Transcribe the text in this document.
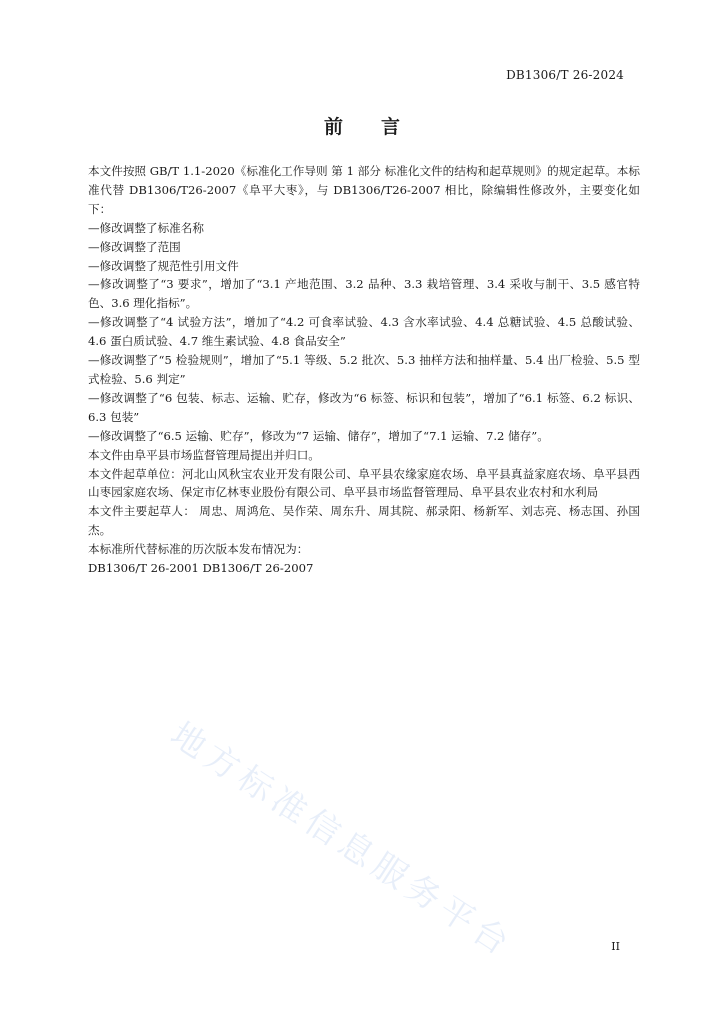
DB1306/T 26-2024
前言

本文件按照 GB/T 1.1-2020《标准化工作导则 第 1 部分 标准化文件的结构和起草规则》的规定起草。本标准代替 DB1306/T26-2007《阜平大枣》，与 DB1306/T26-2007 相比，除编辑性修改外，主要变化如下：

—修改调整了标准名称

—修改调整了范围

—修改调整了规范性引用文件

—修改调整了“3 要求”，增加了“3.1 产地范围、3.2 品种、3.3 栽培管理、3.4 采收与制干、3.5 感官特色、3.6 理化指标”。

—修改调整了“4 试验方法”，增加了“4.2 可食率试验、4.3 含水率试验、4.4 总糖试验、4.5 总酸试验、4.6 蛋白质试验、4.7 维生素试验、4.8 食品安全”

—修改调整了“5 检验规则”，增加了“5.1 等级、5.2 批次、5.3 抽样方法和抽样量、5.4 出厂检验、5.5 型式检验、5.6 判定”

—修改调整了“6 包装、标志、运输、贮存，修改为“6 标签、标识和包装”，增加了“6.1 标签、6.2 标识、6.3 包装”

—修改调整了“6.5 运输、贮存”，修改为“7 运输、储存”，增加了“7.1 运输、7.2 储存”。

本文件由阜平县市场监督管理局提出并归口。

本文件起草单位：河北山风秋宝农业开发有限公司、阜平县农缘家庭农场、阜平县真益家庭农场、阜平县西山枣园家庭农场、保定市亿林枣业股份有限公司、阜平县市场监督管理局、阜平县农业农村和水利局

本文件主要起草人： 周忠、周鸿危、吴作荣、周东升、周其院、郝录阳、杨新军、刘志亮、杨志国、孙国杰。

本标准所代替标准的历次版本发布情况为：

DB1306/T 26-2001 DB1306/T 26-2007

地方标准信息服务平台	II
